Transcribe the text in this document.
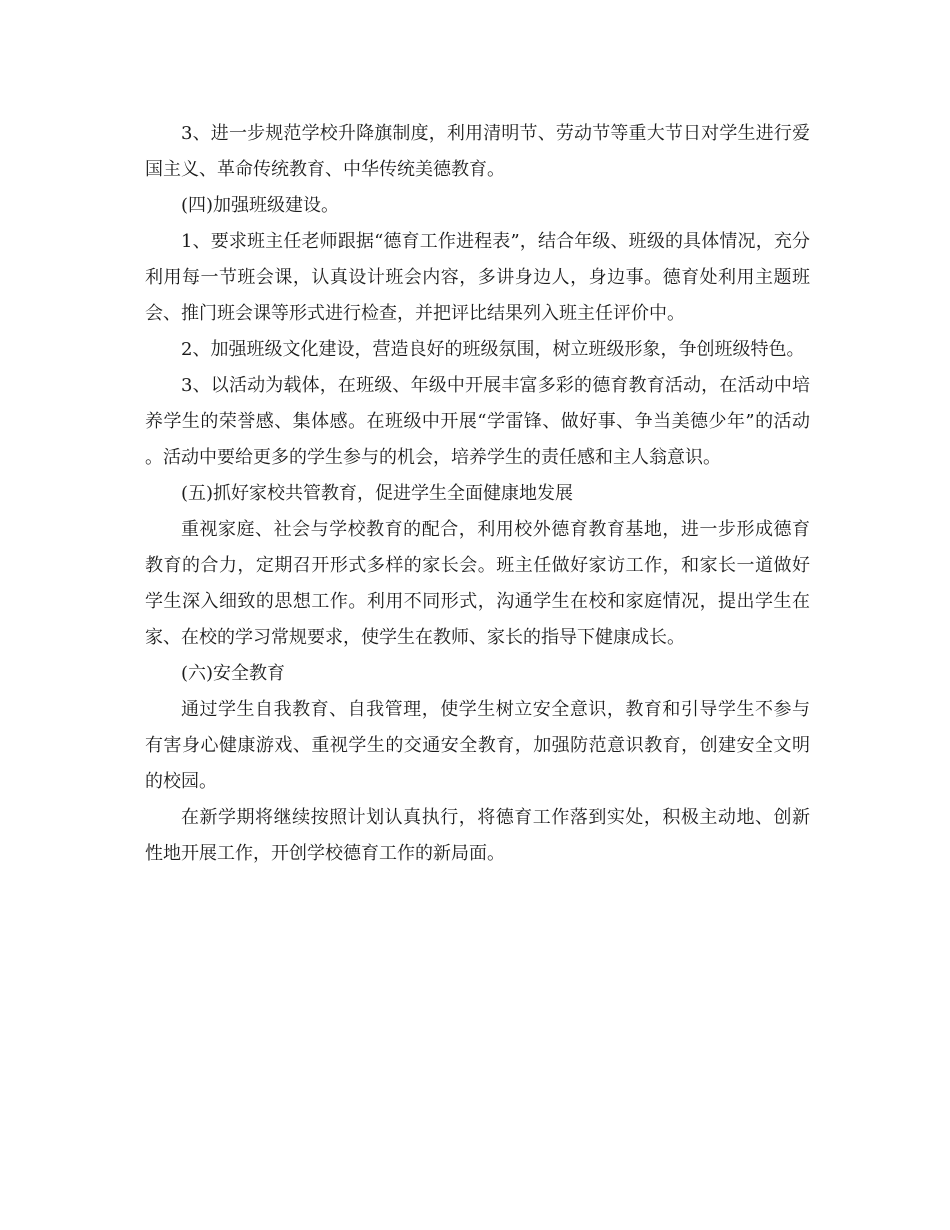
3、进一步规范学校升降旗制度，利用清明节、劳动节等重大节日对学生进行爱国主义、革命传统教育、中华传统美德教育。

(四)加强班级建设。

1、要求班主任老师跟据“德育工作进程表”，结合年级、班级的具体情况，充分利用每一节班会课，认真设计班会内容，多讲身边人，身边事。德育处利用主题班会、推门班会课等形式进行检查，并把评比结果列入班主任评价中。

2、加强班级文化建设，营造良好的班级氛围，树立班级形象，争创班级特色。

3、以活动为载体，在班级、年级中开展丰富多彩的德育教育活动，在活动中培养学生的荣誉感、集体感。在班级中开展“学雷锋、做好事、争当美德少年”的活动。活动中要给更多的学生参与的机会，培养学生的责任感和主人翁意识。

(五)抓好家校共管教育，促进学生全面健康地发展

重视家庭、社会与学校教育的配合，利用校外德育教育基地，进一步形成德育教育的合力，定期召开形式多样的家长会。班主任做好家访工作，和家长一道做好学生深入细致的思想工作。利用不同形式，沟通学生在校和家庭情况，提出学生在家、在校的学习常规要求，使学生在教师、家长的指导下健康成长。

(六)安全教育

通过学生自我教育、自我管理，使学生树立安全意识，教育和引导学生不参与有害身心健康游戏、重视学生的交通安全教育，加强防范意识教育，创建安全文明的校园。

在新学期将继续按照计划认真执行，将德育工作落到实处，积极主动地、创新性地开展工作，开创学校德育工作的新局面。
